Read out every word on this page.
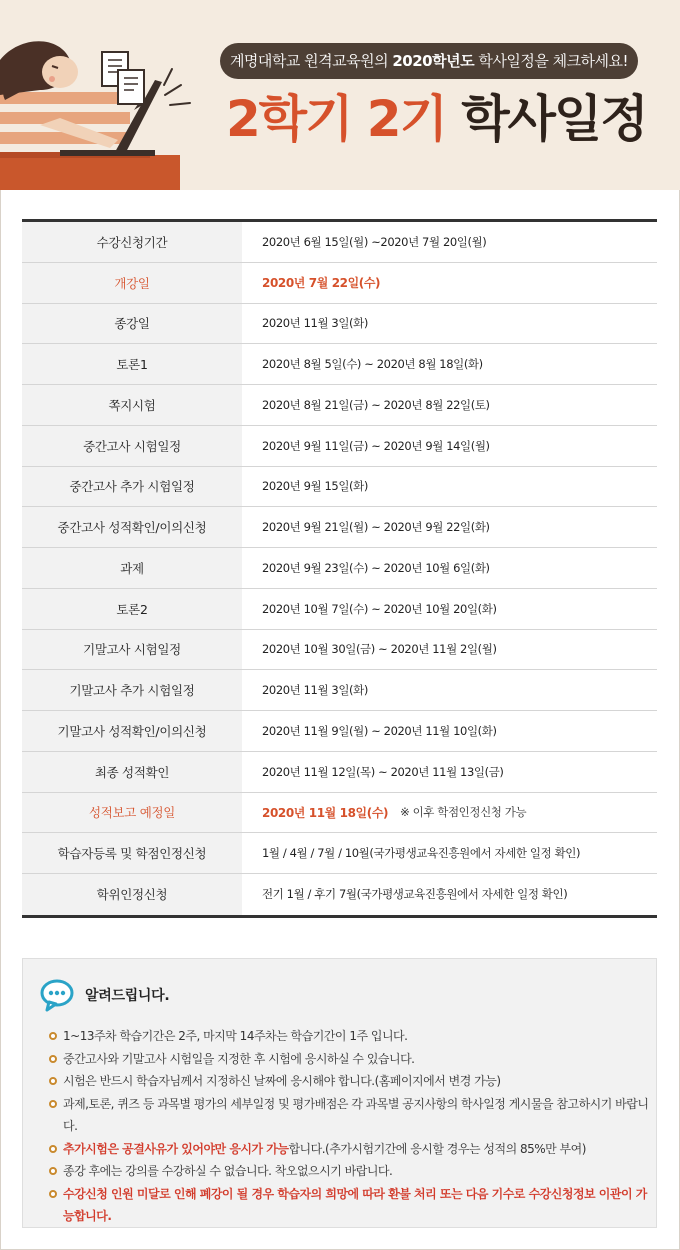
계명대학교 원격교육원의 2020학년도 학사일정을 체크하세요!
2학기 2기 학사일정
수강신청기간	2020년 6월 15일(월) ~2020년 7월 20일(월)
개강일	2020년 7월 22일(수)
종강일	2020년 11월 3일(화)
토론1	2020년 8월 5일(수) ~ 2020년 8월 18일(화)
쪽지시험	2020년 8월 21일(금) ~ 2020년 8월 22일(토)
중간고사 시험일정	2020년 9월 11일(금) ~ 2020년 9월 14일(월)
중간고사 추가 시험일정	2020년 9월 15일(화)
중간고사 성적확인/이의신청	2020년 9월 21일(월) ~ 2020년 9월 22일(화)
과제	2020년 9월 23일(수) ~ 2020년 10월 6일(화)
토론2	2020년 10월 7일(수) ~ 2020년 10월 20일(화)
기말고사 시험일정	2020년 10월 30일(금) ~ 2020년 11월 2일(월)
기말고사 추가 시험일정	2020년 11월 3일(화)
기말고사 성적확인/이의신청	2020년 11월 9일(월) ~ 2020년 11월 10일(화)
최종 성적확인	2020년 11월 12일(목) ~ 2020년 11월 13일(금)
성적보고 예정일	2020년 11월 18일(수) ※ 이후 학점인정신청 가능
학습자등록 및 학점인정신청	1월 / 4월 / 7월 / 10월(국가평생교육진흥원에서 자세한 일정 확인)
학위인정신청	전기 1월 / 후기 7월(국가평생교육진흥원에서 자세한 일정 확인)
알려드립니다.
1~13주차 학습기간은 2주, 마지막 14주차는 학습기간이 1주 입니다.
중간고사와 기말고사 시험일을 지정한 후 시험에 응시하실 수 있습니다.
시험은 반드시 학습자님께서 지정하신 날짜에 응시해야 합니다.(홈페이지에서 변경 가능)
과제,토론, 퀴즈 등 과목별 평가의 세부일정 및 평가배점은 각 과목별 공지사항의 학사일정 게시물을 참고하시기 바랍니다.
추가시험은 공결사유가 있어야만 응시가 가능합니다.(추가시험기간에 응시할 경우는 성적의 85%만 부여)
종강 후에는 강의를 수강하실 수 없습니다. 착오없으시기 바랍니다.
수강신청 인원 미달로 인해 폐강이 될 경우 학습자의 희망에 따라 환불 처리 또는 다음 기수로 수강신청정보 이관이 가능합니다.
